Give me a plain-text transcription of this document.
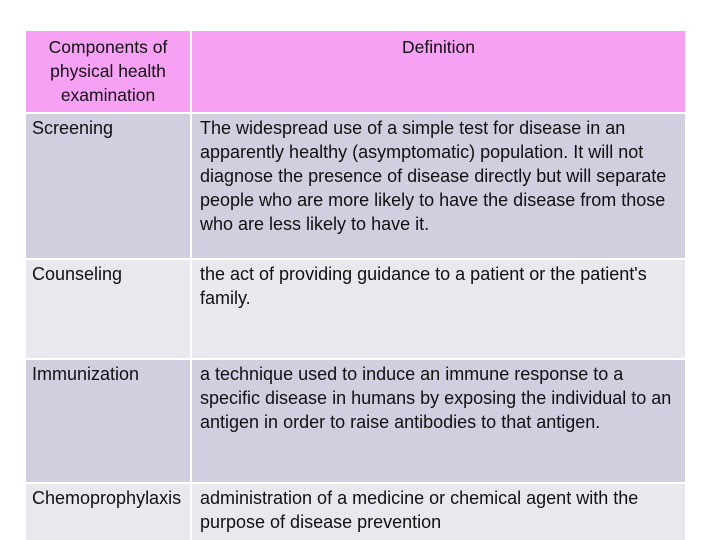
Components of physical health examination	Definition

Screening	The widespread use of a simple test for disease in an apparently healthy (asymptomatic) population. It will not diagnose the presence of disease directly but will separate people who are more likely to have the disease from those who are less likely to have it.
Counseling	the act of providing guidance to a patient or the patient's family.
Immunization	a technique used to induce an immune response to a specific disease in humans by exposing the individual to an antigen in order to raise antibodies to that antigen.
Chemoprophylaxis	administration of a medicine or chemical agent with the purpose of disease prevention
